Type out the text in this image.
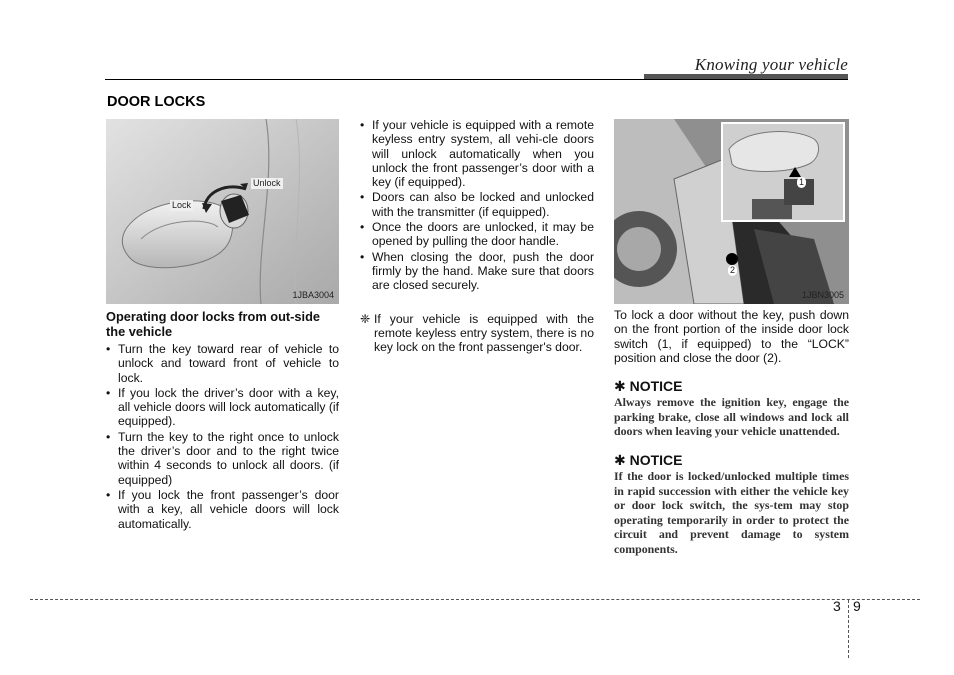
Knowing your vehicle
DOOR LOCKS
Unlock
Lock
1JBA3004
1
2
1JBN3005
Operating door locks from out-side the vehicle
• Turn the key toward rear of vehicle to unlock and toward front of vehicle to lock.
• If you lock the driver’s door with a key, all vehicle doors will lock automatically (if equipped).
• Turn the key to the right once to unlock the driver’s door and to the right twice within 4 seconds to unlock all doors. (if equipped)
• If you lock the front passenger’s door with a key, all vehicle doors will lock automatically.
• If your vehicle is equipped with a remote keyless entry system, all vehi-cle doors will unlock automatically when you unlock the front passenger’s door with a key (if equipped).
• Doors can also be locked and unlocked with the transmitter (if equipped).
• Once the doors are unlocked, it may be opened by pulling the door handle.
• When closing the door, push the door firmly by the hand. Make sure that doors are closed securely.
❈ If your vehicle is equipped with the remote keyless entry system, there is no key lock on the front passenger's door.
To lock a door without the key, push down on the front portion of the inside door lock switch (1, if equipped) to the “LOCK” position and close the door (2).
✱ NOTICE
Always remove the ignition key, engage the parking brake, close all windows and lock all doors when leaving your vehicle unattended.
✱ NOTICE
If the door is locked/unlocked multiple times in rapid succession with either the vehicle key or door lock switch, the sys-tem may stop operating temporarily in order to protect the circuit and prevent damage to system components.
3 9
